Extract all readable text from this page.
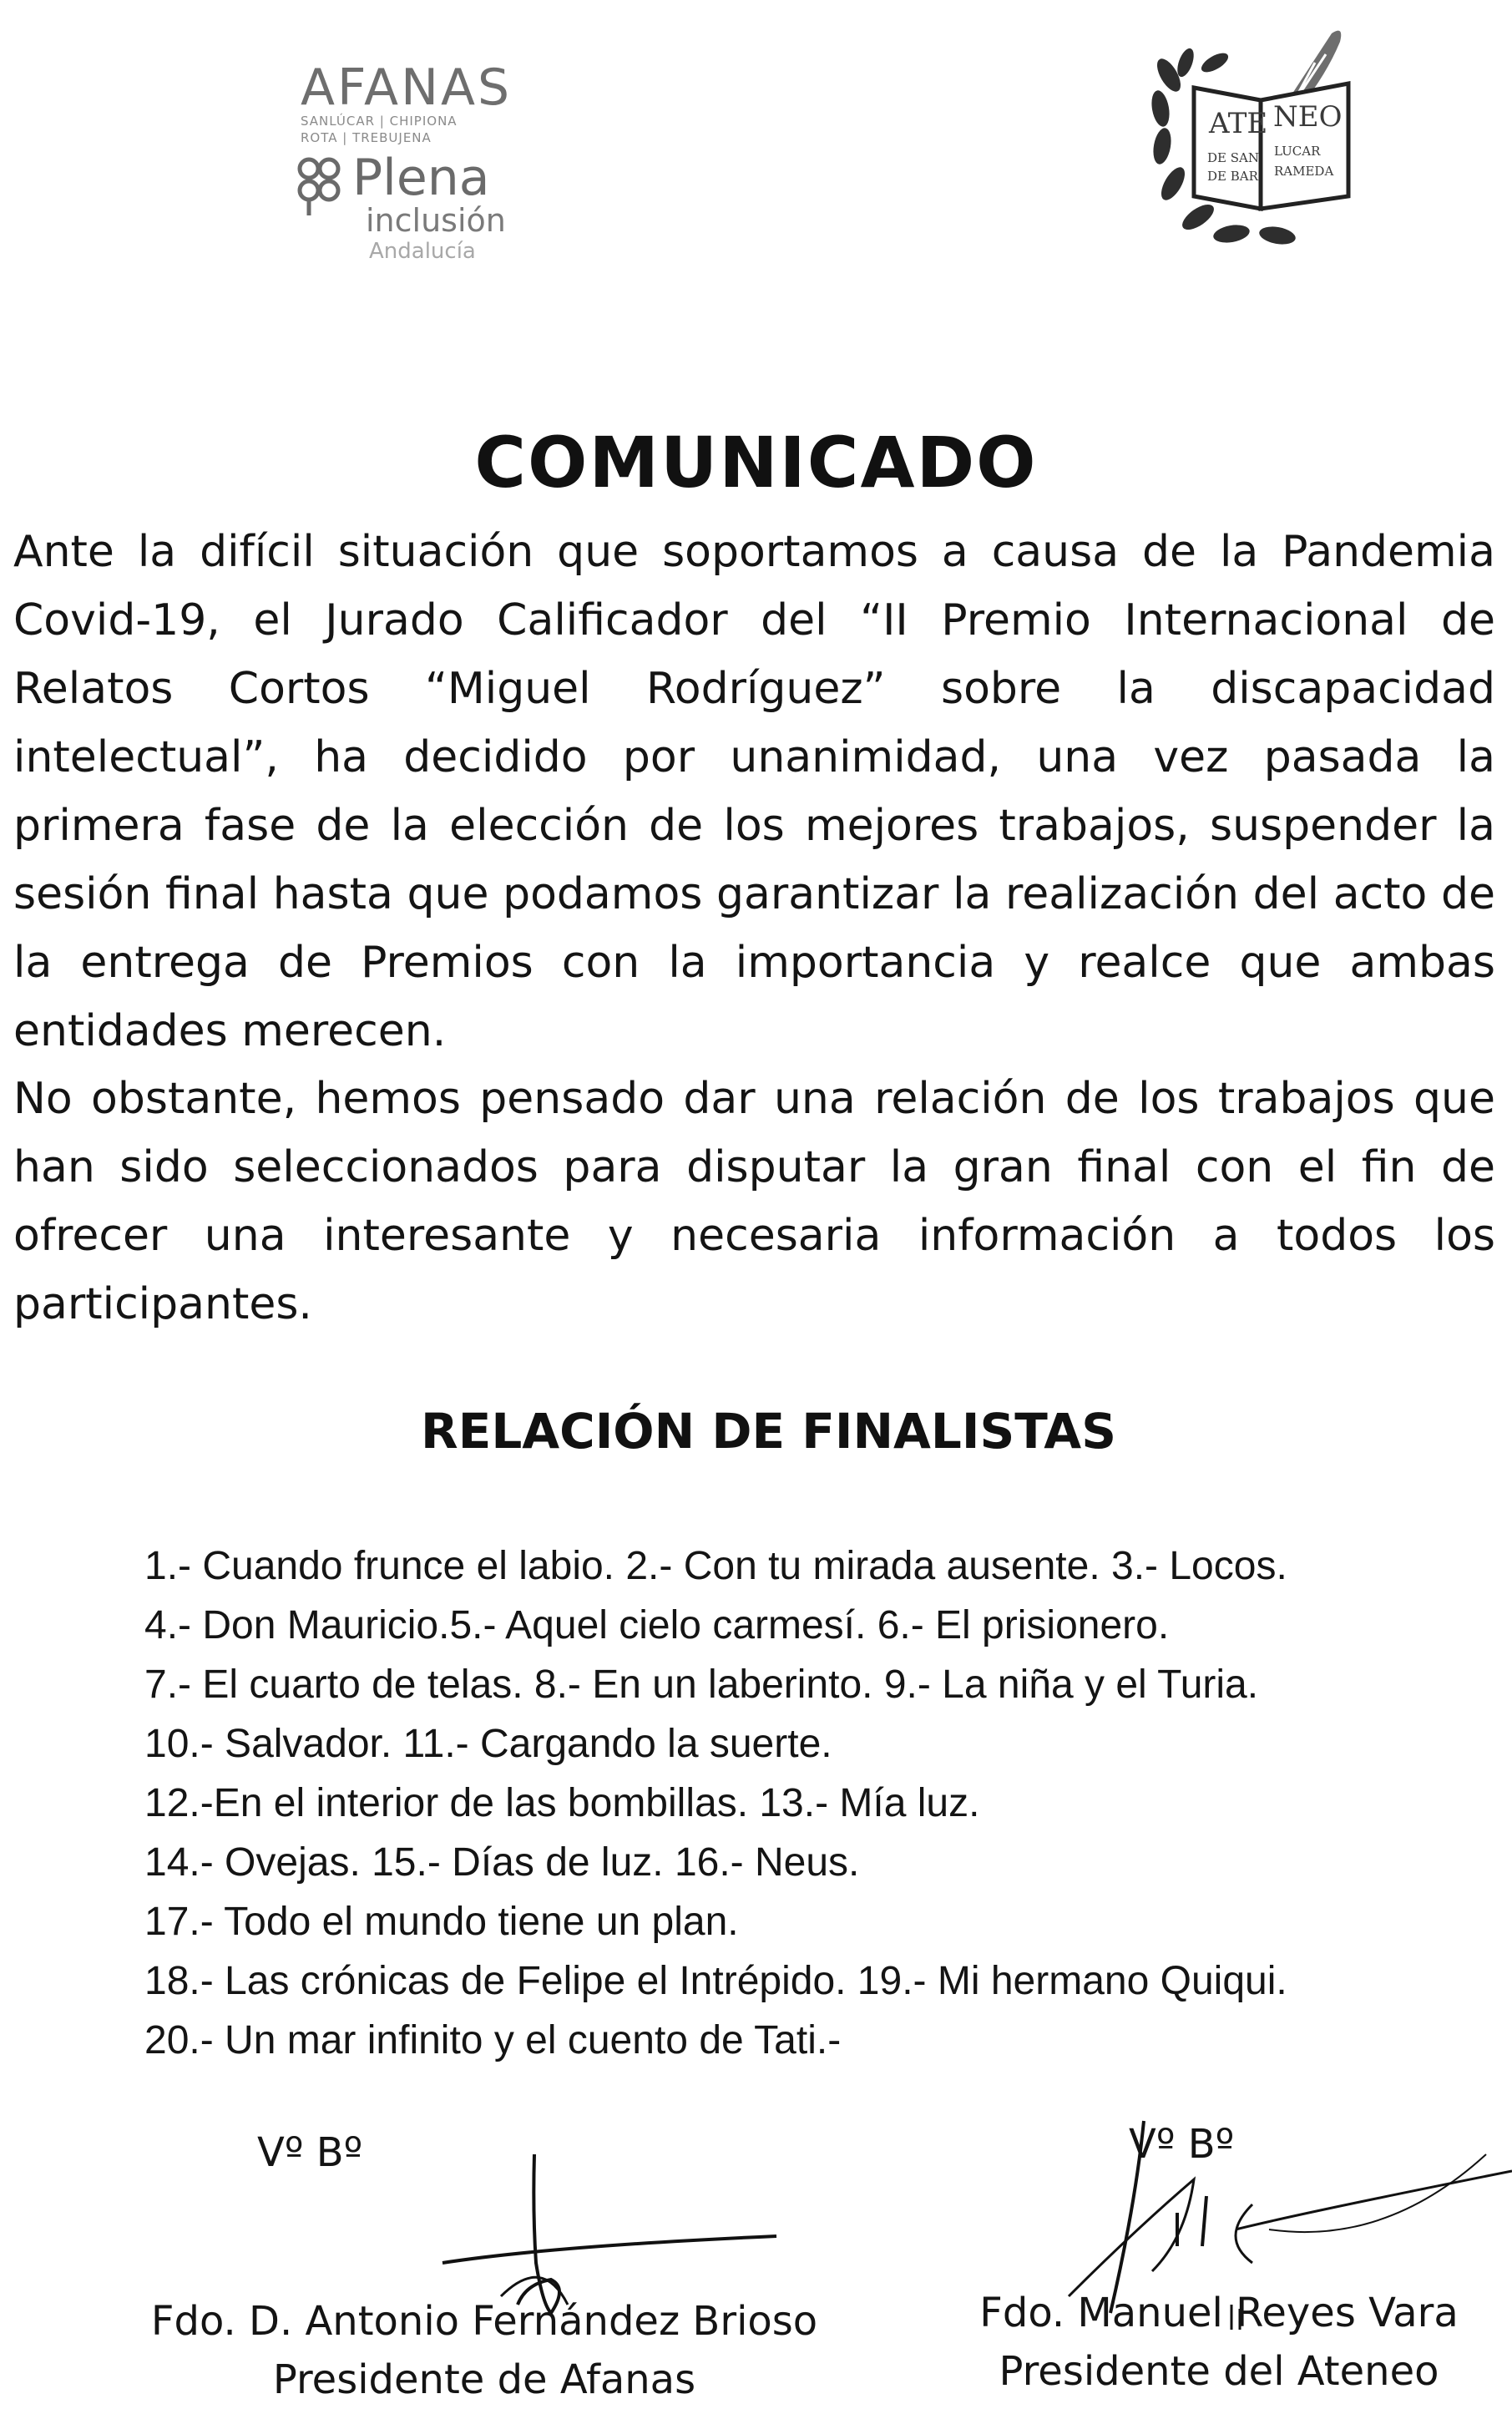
AFANAS
SANLÚCAR | CHIPIONA
ROTA | TREBUJENA
Plena
inclusión
Andalucía
ATE NEO
DE SAN LUCAR
DE BAR RAMEDA
COMUNICADO

Ante la difícil situación que soportamos a causa de la Pandemia Covid-19, el Jurado Calificador del “II Premio Internacional de Relatos Cortos “Miguel Rodríguez” sobre la discapacidad intelectual”, ha decidido por unanimidad, una vez pasada la primera fase de la elección de los mejores trabajos, suspender la sesión final hasta que podamos garantizar la realización del acto de la entrega de Premios con la importancia y realce que ambas entidades merecen.

No obstante, hemos pensado dar una relación de los trabajos que han sido seleccionados para disputar la gran final con el fin de ofrecer una interesante y necesaria información a todos los participantes.

RELACIÓN DE FINALISTAS
1.- Cuando frunce el labio. 2.- Con tu mirada ausente. 3.- Locos.
4.- Don Mauricio.5.- Aquel cielo carmesí. 6.- El prisionero.
7.- El cuarto de telas. 8.- En un laberinto. 9.- La niña y el Turia.
10.- Salvador. 11.- Cargando la suerte.
12.-En el interior de las bombillas. 13.- Mía luz.
14.- Ovejas. 15.- Días de luz. 16.- Neus.
17.- Todo el mundo tiene un plan.
18.- Las crónicas de Felipe el Intrépido. 19.- Mi hermano Quiqui.
20.- Un mar infinito y el cuento de Tati.-
Vº Bº	Vº Bº
Fdo. D. Antonio Fernández Brioso
Presidente de Afanas
Fdo. Manuel Reyes Vara
Presidente del Ateneo
